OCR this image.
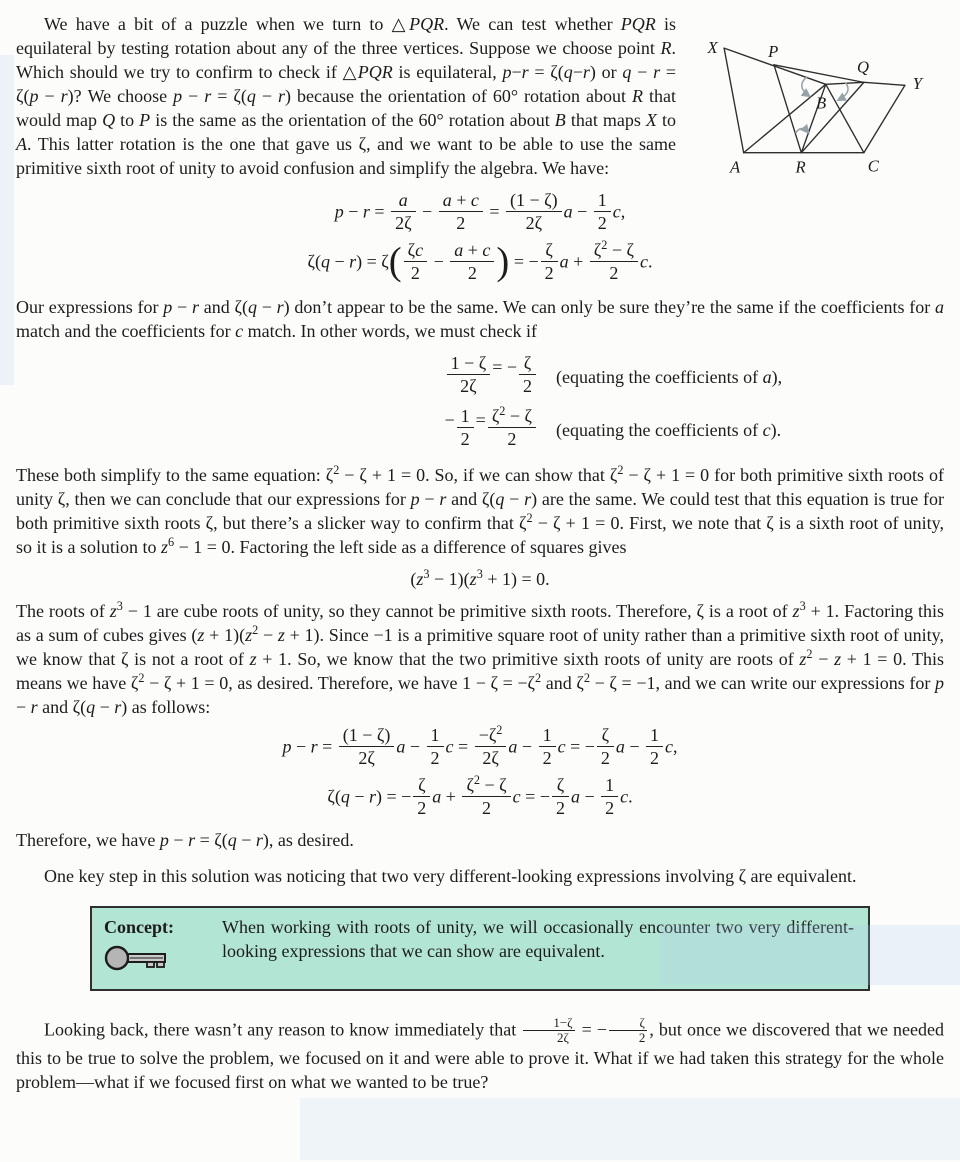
X	P
Q
Y
B
A	R	C

We have a bit of a puzzle when we turn to △PQR. We can test whether PQR is equilateral by testing rotation about any of the three vertices. Suppose we choose point R. Which should we try to confirm to check if △PQR is equilateral, p−r = ζ(q−r) or q − r = ζ(p − r)? We choose p − r = ζ(q − r) because the orientation of 60° rotation about R that would map Q to P is the same as the orientation of the 60° rotation about B that maps X to A. This latter rotation is the one that gave us ζ, and we want to be able to use the same primitive sixth root of unity to avoid confusion and simplify the algebra. We have:

$p - r = \frac{a}{2\zeta} - \frac{a + c}{2} = \frac{(1 - \zeta)}{2\zeta}$ $a - \frac{1}{2} c$,
$\zeta(q - r) = \zeta( \frac{\zeta c}{2} - \frac{a + c}{2}$ ) = − $\frac{\zeta}{2}$ $a + \frac{\zeta^2 - \zeta}{2} c$.

Our expressions for p − r and ζ(q − r) don’t appear to be the same. We can only be sure they’re the same if the coefficients for a match and the coefficients for c match. In other words, we must check if

$\frac{1 - \zeta}{2\zeta}$ = − $\frac{\zeta}{2}$ (equating the coefficients of a),
− $\frac{1}{2} = \frac{\zeta^2 - \zeta}{2}$ (equating the coefficients of c).

These both simplify to the same equation: $\zeta^2 - \zeta + 1 = 0$. So, if we can show that $\zeta^2 - \zeta + 1 = 0$ for both primitive sixth roots of unity ζ, then we can conclude that our expressions for p − r and ζ(q − r) are the same. We could test that this equation is true for both primitive sixth roots ζ, but there’s a slicker way to confirm that $\zeta^2 - \zeta + 1 = 0$. First, we note that ζ is a sixth root of unity, so it is a solution to $z^6 - 1 = 0$. Factoring the left side as a difference of squares gives

$(z^3 - 1)(z^3 + 1) = 0$.

The roots of $z^3 - 1$ are cube roots of unity, so they cannot be primitive sixth roots. Therefore, ζ is a root of $z^3 + 1$. Factoring this as a sum of cubes gives $(z + 1)(z^2 - z + 1)$. Since −1 is a primitive square root of unity rather than a primitive sixth root of unity, we know that ζ is not a root of z + 1. So, we know that the two primitive sixth roots of unity are roots of $z^2 - z + 1 = 0$. This means we have $\zeta^2 - \zeta + 1 = 0$, as desired. Therefore, we have $1 - \zeta = -\zeta^2$ and $\zeta^2 - \zeta = -1$, and we can write our expressions for p − r and ζ(q − r) as follows:

$p - r = \frac{(1 - \zeta)}{2\zeta}$ $a - \frac{1}{2}$ $c = \frac{-\zeta^2}{2\zeta}$ $a - \frac{1}{2}$ c = − $\frac{\zeta}{2}$ $a - \frac{1}{2} c$,
ζ(q − r) = − $\frac{\zeta}{2}$ $a + \frac{\zeta^2 - \zeta}{2}$ c = − $\frac{\zeta}{2}$ $a - \frac{1}{2} c$.

Therefore, we have p − r = ζ(q − r), as desired.

One key step in this solution was noticing that two very different-looking expressions involving ζ are equivalent.

Concept:	When working with roots of unity, we will occasionally encounter two very different-looking expressions that we can show are equivalent.

Looking back, there wasn’t any reason to know immediately that $\frac{1-\zeta}{2\zeta}$ = − $\frac{\zeta}{2}$ , but once we discovered that we needed this to be true to solve the problem, we focused on it and were able to prove it. What if we had taken this strategy for the whole problem—what if we focused first on what we wanted to be true?
